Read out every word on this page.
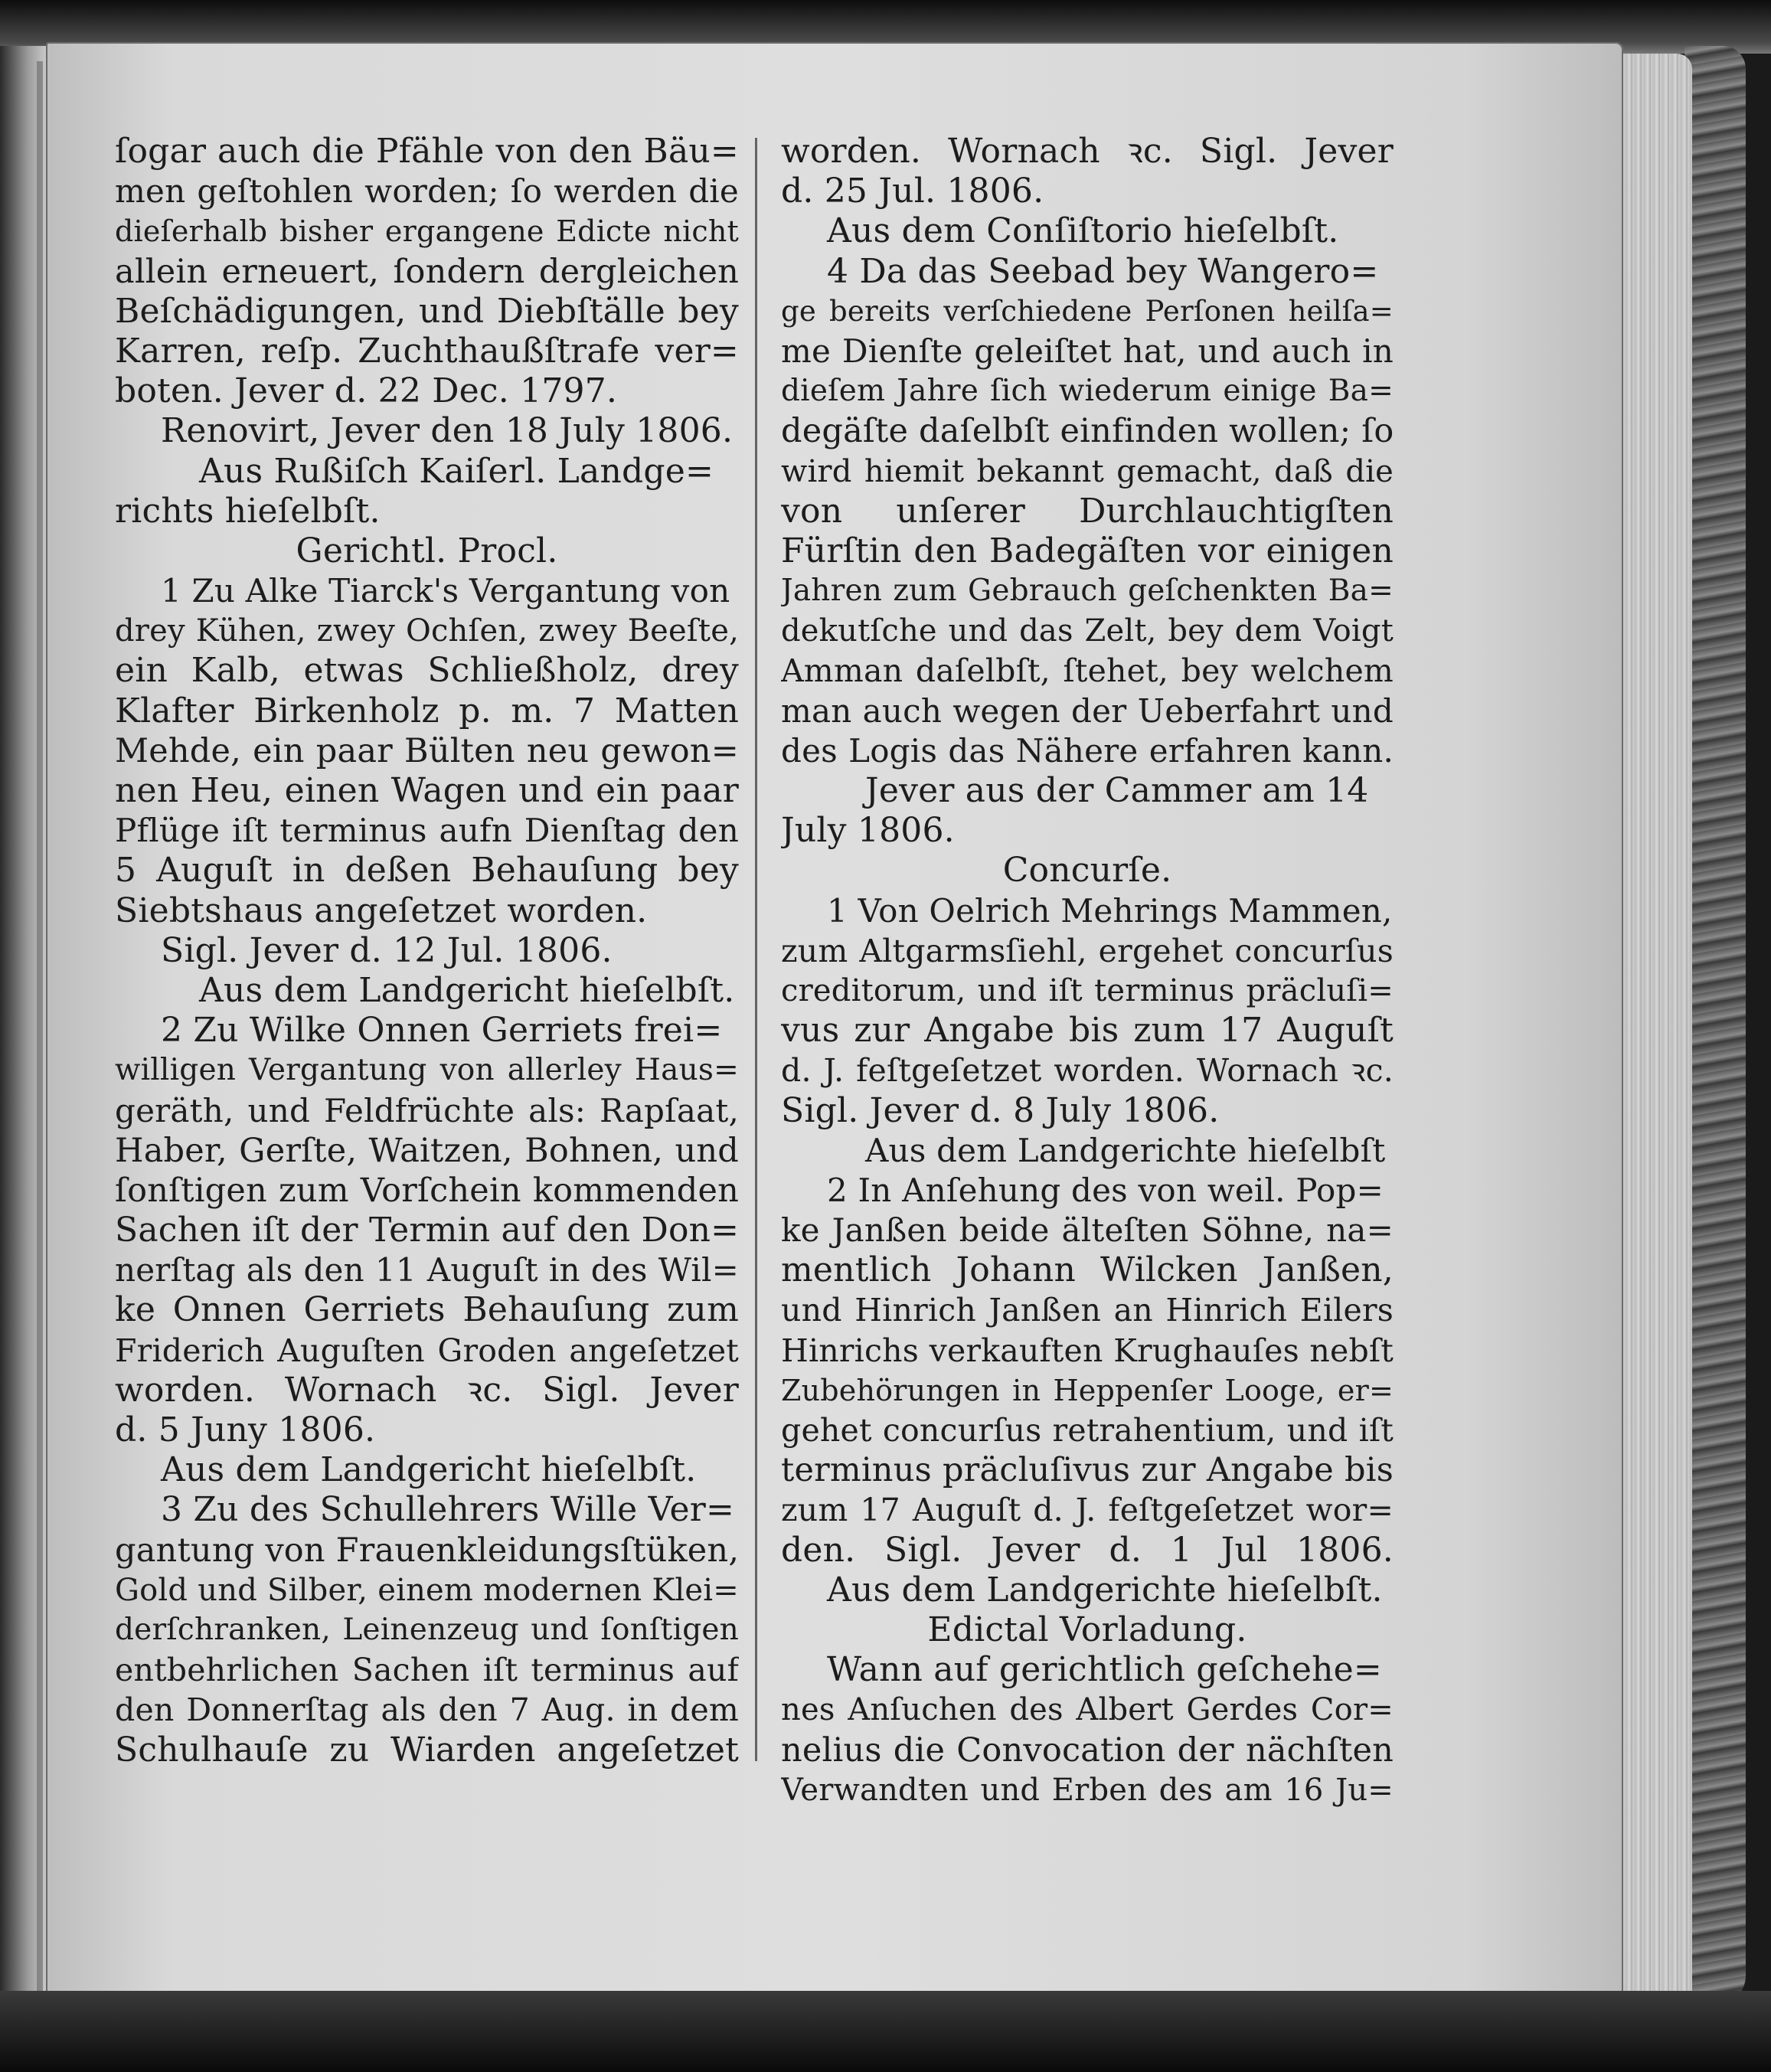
ſogar auch die Pfähle von den Bäu=
men geſtohlen worden; ſo werden die
dieſerhalb bisher ergangene Edicte nicht
allein erneuert, ſondern dergleichen
Beſchädigungen, und Diebſtälle bey
Karren, reſp. Zuchthaußſtrafe ver=
boten. Jever d. 22 Dec. 1797.
Renovirt, Jever den 18 July 1806.
Aus Rußiſch Kaiſerl. Landge=
richts hieſelbſt.
Gerichtl. Procl.
1 Zu Alke Tiarck's Vergantung von
drey Kühen, zwey Ochſen, zwey Beeſte,
ein Kalb, etwas Schließholz, drey
Klafter Birkenholz p. m. 7 Matten
Mehde, ein paar Bülten neu gewon=
nen Heu, einen Wagen und ein paar
Pflüge iſt terminus aufn Dienſtag den
5 Auguſt in deßen Behauſung bey
Siebtshaus angeſetzet worden.
Sigl. Jever d. 12 Jul. 1806.
Aus dem Landgericht hieſelbſt.
2 Zu Wilke Onnen Gerriets frei=
willigen Vergantung von allerley Haus=
geräth, und Feldfrüchte als: Rapſaat,
Haber, Gerſte, Waitzen, Bohnen, und
ſonſtigen zum Vorſchein kommenden
Sachen iſt der Termin auf den Don=
nerſtag als den 11 Auguſt in des Wil=
ke Onnen Gerriets Behauſung zum
Friderich Auguſten Groden angeſetzet
worden. Wornach ꝛc. Sigl. Jever
d. 5 Juny 1806.
Aus dem Landgericht hieſelbſt.
3 Zu des Schullehrers Wille Ver=
gantung von Frauenkleidungsſtüken,
Gold und Silber, einem modernen Klei=
derſchranken, Leinenzeug und ſonſtigen
entbehrlichen Sachen iſt terminus auf
den Donnerſtag als den 7 Aug. in dem
Schulhauſe zu Wiarden angeſetzet
worden. Wornach ꝛc. Sigl. Jever
d. 25 Jul. 1806.
Aus dem Conſiſtorio hieſelbſt.
4 Da das Seebad bey Wangero=
ge bereits verſchiedene Perſonen heilſa=
me Dienſte geleiſtet hat, und auch in
dieſem Jahre ſich wiederum einige Ba=
degäſte daſelbſt einfinden wollen; ſo
wird hiemit bekannt gemacht, daß die
von unſerer Durchlauchtigſten
Fürſtin den Badegäſten vor einigen
Jahren zum Gebrauch geſchenkten Ba=
dekutſche und das Zelt, bey dem Voigt
Amman daſelbſt, ſtehet, bey welchem
man auch wegen der Ueberfahrt und
des Logis das Nähere erfahren kann.
Jever aus der Cammer am 14
July 1806.
Concurſe.
1 Von Oelrich Mehrings Mammen,
zum Altgarmsſiehl, ergehet concurſus
creditorum, und iſt terminus präcluſi=
vus zur Angabe bis zum 17 Auguſt
d. J. feſtgeſetzet worden. Wornach ꝛc.
Sigl. Jever d. 8 July 1806.
Aus dem Landgerichte hieſelbſt
2 In Anſehung des von weil. Pop=
ke Janßen beide älteſten Söhne, na=
mentlich Johann Wilcken Janßen,
und Hinrich Janßen an Hinrich Eilers
Hinrichs verkauften Krughauſes nebſt
Zubehörungen in Heppenſer Looge, er=
gehet concurſus retrahentium, und iſt
terminus präcluſivus zur Angabe bis
zum 17 Auguſt d. J. feſtgeſetzet wor=
den. Sigl. Jever d. 1 Jul 1806.
Aus dem Landgerichte hieſelbſt.
Edictal Vorladung.
Wann auf gerichtlich geſchehe=
nes Anſuchen des Albert Gerdes Cor=
nelius die Convocation der nächſten
Verwandten und Erben des am 16 Ju=
